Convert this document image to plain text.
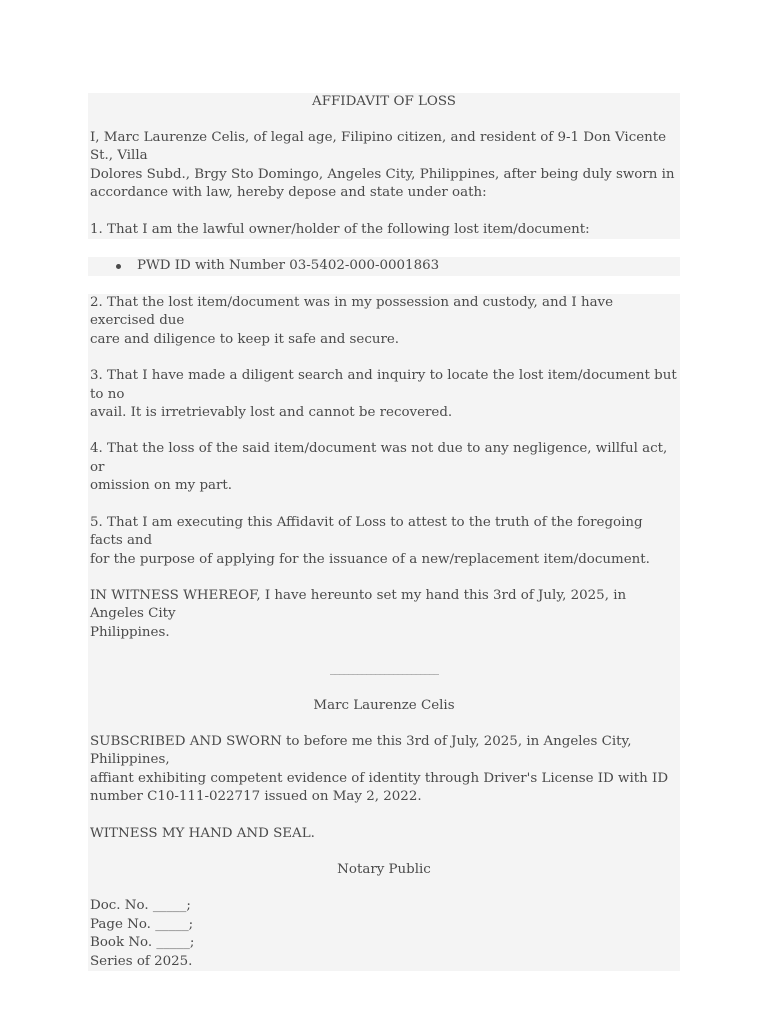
AFFIDAVIT OF LOSS
I, Marc Laurenze Celis, of legal age, Filipino citizen, and resident of 9-1 Don Vicente St., Villa
Dolores Subd., Brgy Sto Domingo, Angeles City, Philippines, after being duly sworn in
accordance with law, hereby depose and state under oath:
1. That I am the lawful owner/holder of the following lost item/document:
PWD ID with Number 03-5402-000-0001863
2. That the lost item/document was in my possession and custody, and I have exercised due
care and diligence to keep it safe and secure.
3. That I have made a diligent search and inquiry to locate the lost item/document but to no
avail. It is irretrievably lost and cannot be recovered.
4. That the loss of the said item/document was not due to any negligence, willful act, or
omission on my part.
5. That I am executing this Affidavit of Loss to attest to the truth of the foregoing facts and
for the purpose of applying for the issuance of a new/replacement item/document.
IN WITNESS WHEREOF, I have hereunto set my hand this 3rd of July, 2025, in Angeles City
Philippines.
________________________
Marc Laurenze Celis
SUBSCRIBED AND SWORN to before me this 3rd of July, 2025, in Angeles City, Philippines,
affiant exhibiting competent evidence of identity through Driver's License ID with ID
number C10-111-022717 issued on May 2, 2022.
WITNESS MY HAND AND SEAL.
Notary Public
Doc. No. _____;
Page No. _____;
Book No. _____;
Series of 2025.
